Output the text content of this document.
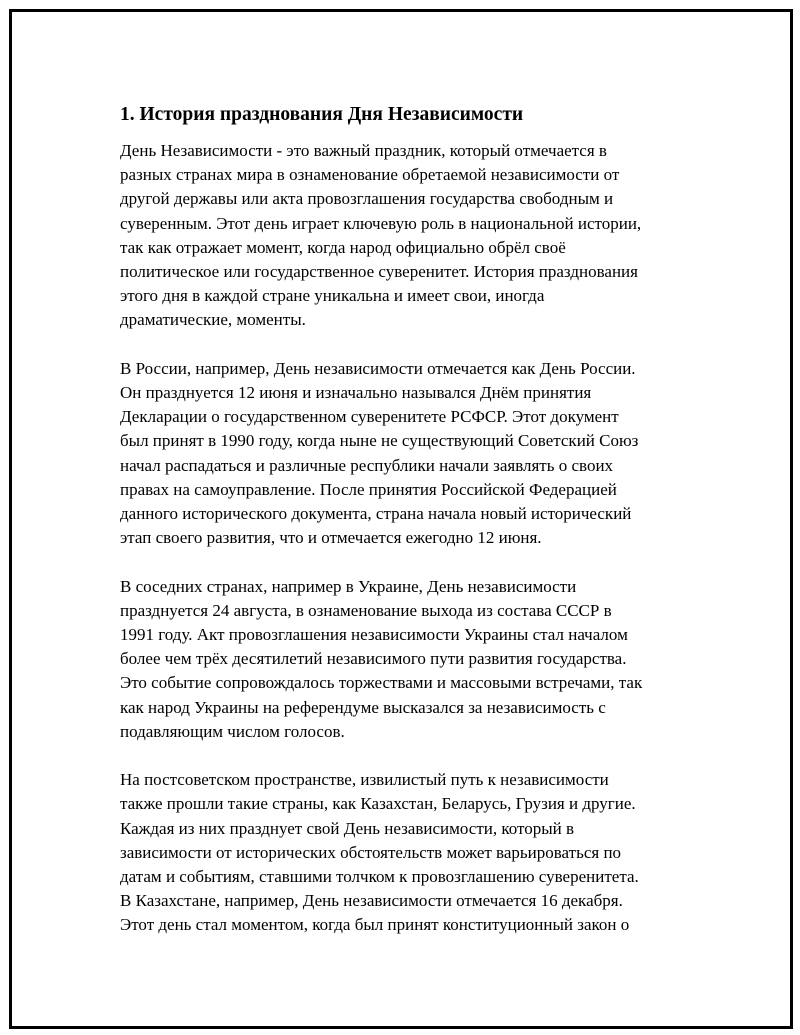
1. История празднования Дня Независимости

День Независимости - это важный праздник, который отмечается в
разных странах мира в ознаменование обретаемой независимости от
другой державы или акта провозглашения государства свободным и
суверенным. Этот день играет ключевую роль в национальной истории,
так как отражает момент, когда народ официально обрёл своё
политическое или государственное суверенитет. История празднования
этого дня в каждой стране уникальна и имеет свои, иногда
драматические, моменты.

В России, например, День независимости отмечается как День России.
Он празднуется 12 июня и изначально назывался Днём принятия
Декларации о государственном суверенитете РСФСР. Этот документ
был принят в 1990 году, когда ныне не существующий Советский Союз
начал распадаться и различные республики начали заявлять о своих
правах на самоуправление. После принятия Российской Федерацией
данного исторического документа, страна начала новый исторический
этап своего развития, что и отмечается ежегодно 12 июня.

В соседних странах, например в Украине, День независимости
празднуется 24 августа, в ознаменование выхода из состава СССР в
1991 году. Акт провозглашения независимости Украины стал началом
более чем трёх десятилетий независимого пути развития государства.
Это событие сопровождалось торжествами и массовыми встречами, так
как народ Украины на референдуме высказался за независимость с
подавляющим числом голосов.

На постсоветском пространстве, извилистый путь к независимости
также прошли такие страны, как Казахстан, Беларусь, Грузия и другие.
Каждая из них празднует свой День независимости, который в
зависимости от исторических обстоятельств может варьироваться по
датам и событиям, ставшими толчком к провозглашению суверенитета.
В Казахстане, например, День независимости отмечается 16 декабря.
Этот день стал моментом, когда был принят конституционный закон о
